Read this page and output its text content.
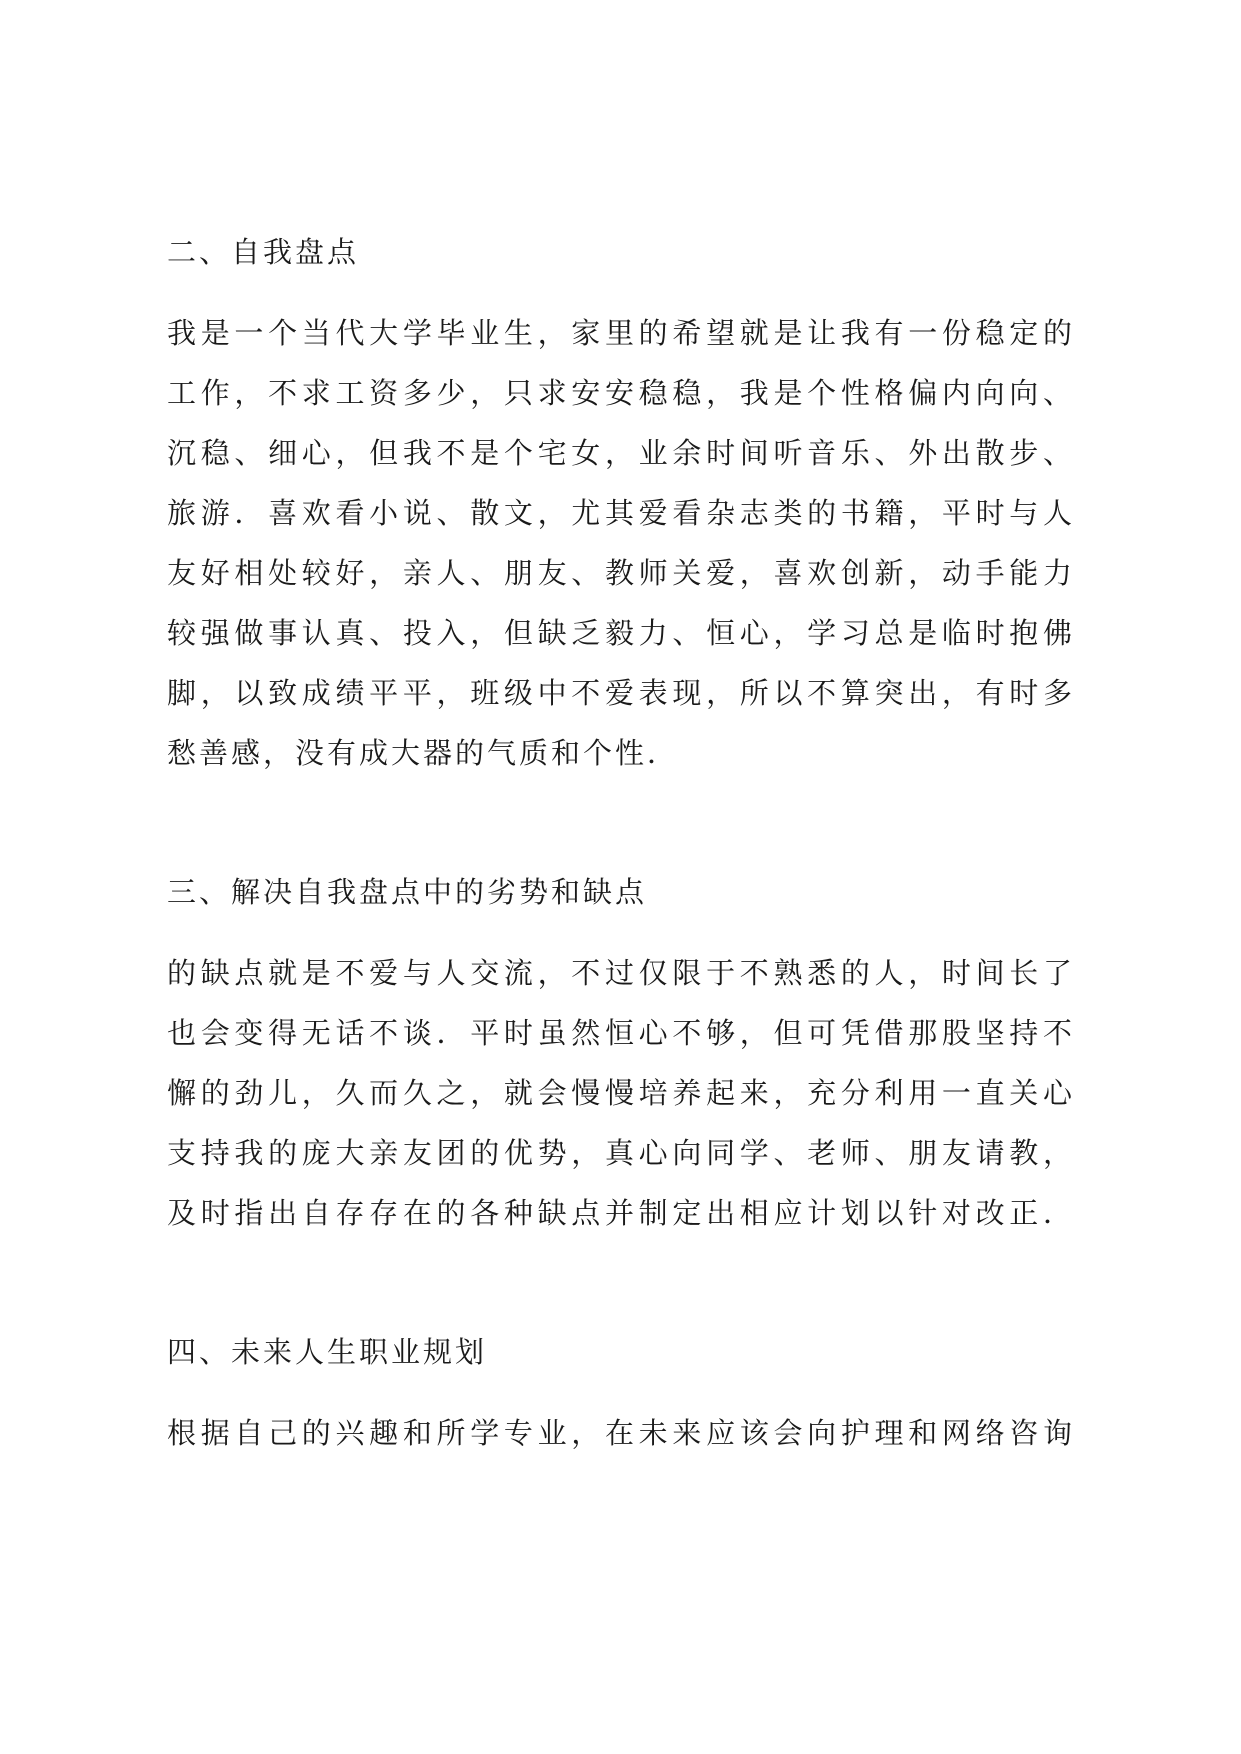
二、自我盘点
我是一个当代大学毕业生，家里的希望就是让我有一份稳定的
工作，不求工资多少，只求安安稳稳，我是个性格偏内向向、
沉稳、细心，但我不是个宅女，业余时间听音乐、外出散步、
旅游．喜欢看小说、散文，尤其爱看杂志类的书籍，平时与人
友好相处较好，亲人、朋友、教师关爱，喜欢创新，动手能力
较强做事认真、投入，但缺乏毅力、恒心，学习总是临时抱佛
脚，以致成绩平平，班级中不爱表现，所以不算突出，有时多
愁善感，没有成大器的气质和个性．
三、解决自我盘点中的劣势和缺点
的缺点就是不爱与人交流，不过仅限于不熟悉的人，时间长了
也会变得无话不谈．平时虽然恒心不够，但可凭借那股坚持不
懈的劲儿，久而久之，就会慢慢培养起来，充分利用一直关心
支持我的庞大亲友团的优势，真心向同学、老师、朋友请教，
及时指出自存存在的各种缺点并制定出相应计划以针对改正．
四、未来人生职业规划
根据自己的兴趣和所学专业，在未来应该会向护理和网络咨询
